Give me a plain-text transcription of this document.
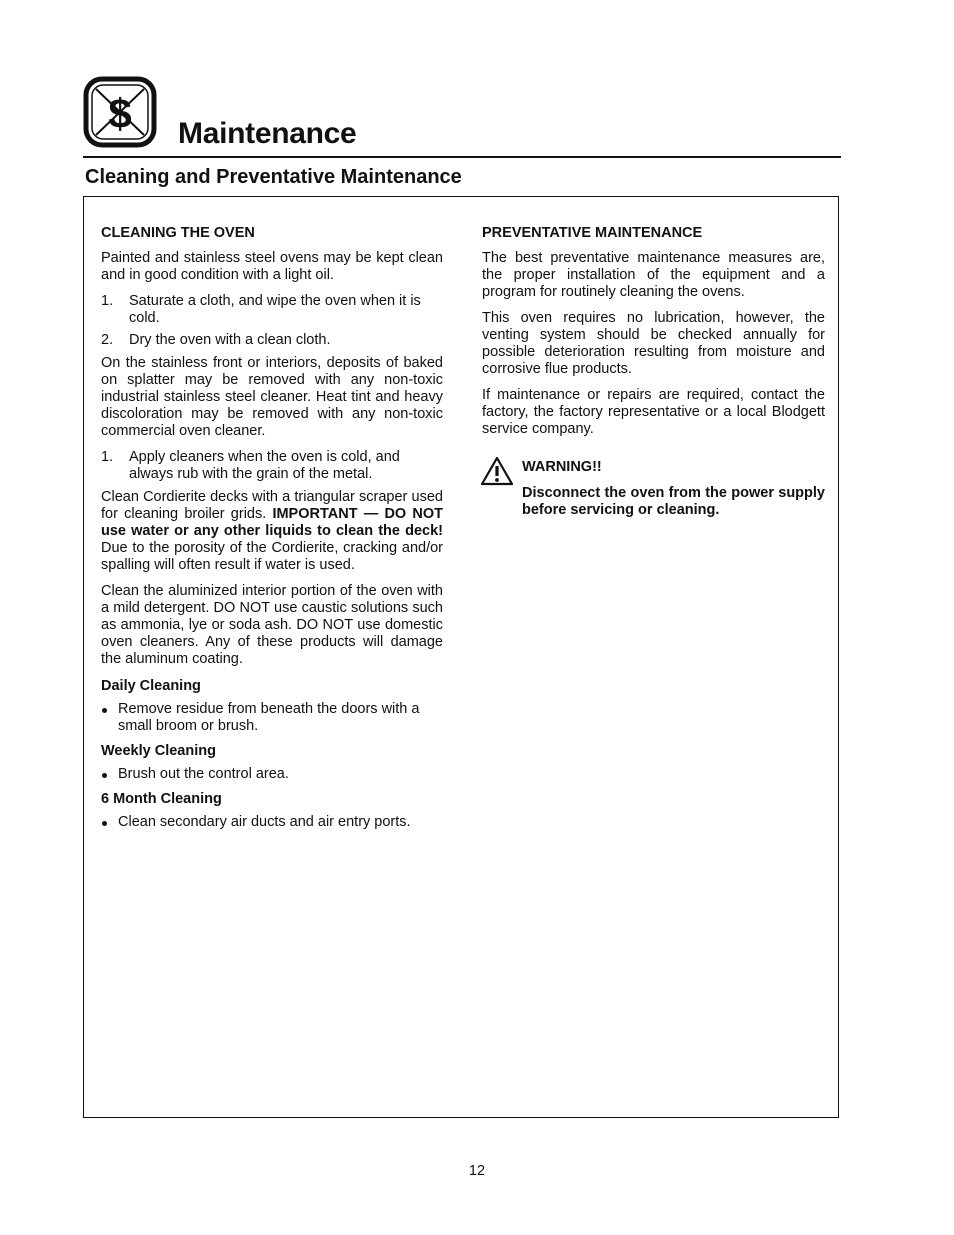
$ Maintenance
Cleaning and Preventative Maintenance
CLEANING THE OVEN

Painted and stainless steel ovens may be kept clean and in good condition with a light oil.

1. Saturate a cloth, and wipe the oven when it is cold.
2. Dry the oven with a clean cloth.

On the stainless front or interiors, deposits of baked on splatter may be removed with any non-toxic industrial stainless steel cleaner. Heat tint and heavy discoloration may be removed with any non-toxic commercial oven cleaner.

1. Apply cleaners when the oven is cold, and always rub with the grain of the metal.

Clean Cordierite decks with a triangular scraper used for cleaning broiler grids. IMPORTANT — DO NOT use water or any other liquids to clean the deck! Due to the porosity of the Cordierite, cracking and/or spalling will often result if water is used.

Clean the aluminized interior portion of the oven with a mild detergent. DO NOT use caustic solutions such as ammonia, lye or soda ash. DO NOT use domestic oven cleaners. Any of these products will damage the aluminum coating.

Daily Cleaning
Remove residue from beneath the doors with a small broom or brush.
Weekly Cleaning
Brush out the control area.
6 Month Cleaning
Clean secondary air ducts and air entry ports.
PREVENTATIVE MAINTENANCE

The best preventative maintenance measures are, the proper installation of the equipment and a program for routinely cleaning the ovens.

This oven requires no lubrication, however, the venting system should be checked annually for possible deterioration resulting from moisture and corrosive flue products.

If maintenance or repairs are required, contact the factory, the factory representative or a local Blodgett service company.

WARNING!!

Disconnect the oven from the power supply before servicing or cleaning.

12
